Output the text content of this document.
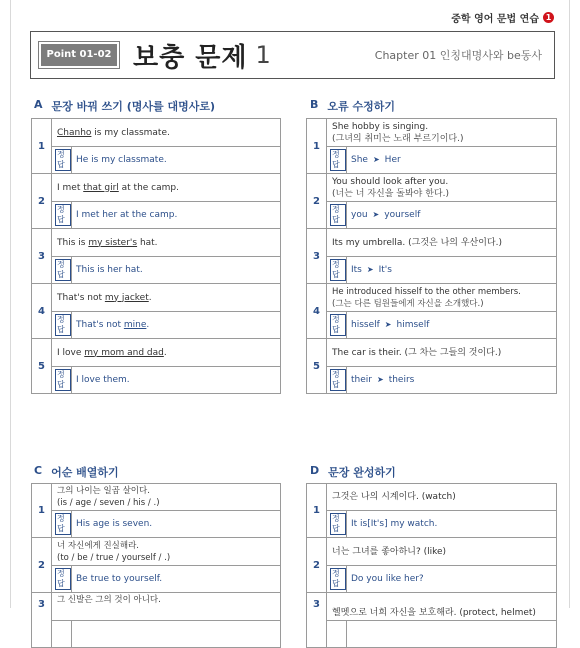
중학 영어 문법 연습 1
Point 01-02 보충 문제 1	Chapter 01 인칭대명사와 be동사
A 문장 바꿔 쓰기 (명사를 대명사로)
1	Chanho is my classmate.	
	정답	He is my classmate.
2	I met that girl at the camp.	
	정답	I met her at the camp.
3	This is my sister's hat.	
	정답	This is her hat.
4	That's not my jacket.	
	정답	That's not mine.
5	I love my mom and dad.	
	정답	I love them.
B 오류 수정하기
1	She hobby is singing.
(그녀의 취미는 노래 부르기이다.)	

	정답	She ➤ Her
2	You should look after you.
(너는 너 자신을 돌봐야 한다.)	

	정답	you ➤ yourself
3	Its my umbrella. (그것은 나의 우산이다.)	

	정답	Its ➤ It's
4	He introduced hisself to the other members.
(그는 다른 팀원들에게 자신을 소개했다.)	

	정답	hisself ➤ himself
5	The car is their. (그 차는 그들의 것이다.)	

	정답	their ➤ theirs
C 어순 배열하기
1	그의 나이는 일곱 살이다.
(is / age / seven / his / .)	

	정답	His age is seven.
2	너 자신에게 진실해라.
(to / be / true / yourself / .)	

	정답	Be true to yourself.
3	그 신발은 그의 것이 아니다.	

D 문장 완성하기
1	그것은 나의 시계이다. (watch)	
	정답	It is[It's] my watch.
2	너는 그녀를 좋아하니? (like)	
	정답	Do you like her?
3	헬멧으로 너희 자신을 보호해라. (protect, helmet)	
